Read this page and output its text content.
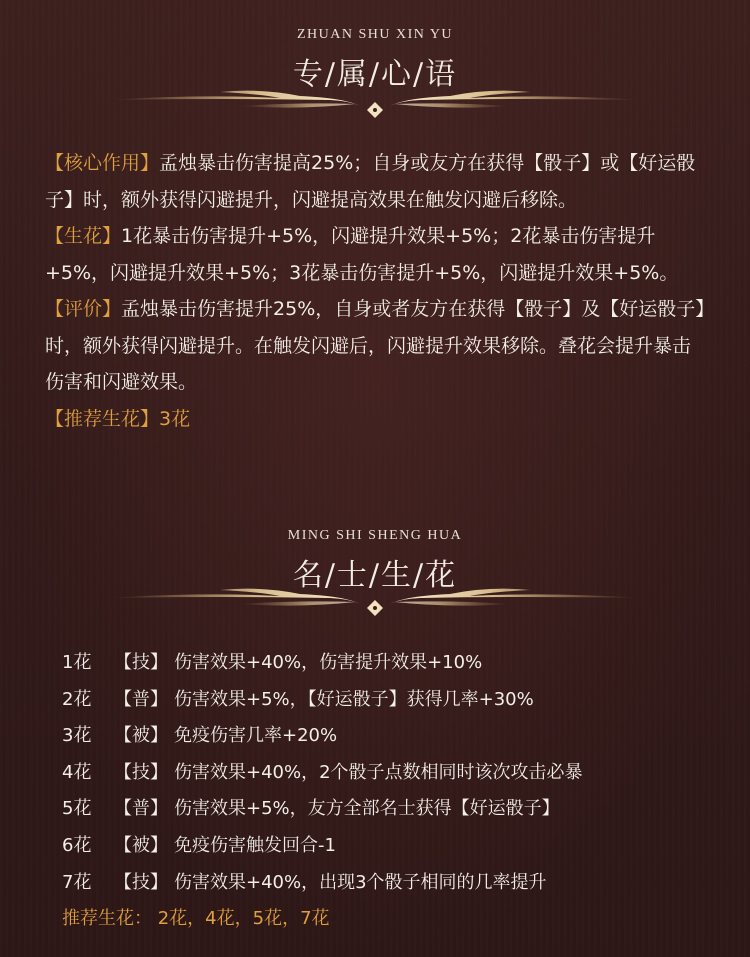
ZHUAN SHU XIN YU
专/属/心/语

【核心作用】孟烛暴击伤害提高25%；自身或友方在获得【骰子】或【好运骰子】时，额外获得闪避提升，闪避提高效果在触发闪避后移除。

【生花】1花暴击伤害提升+5%，闪避提升效果+5%；2花暴击伤害提升+5%，闪避提升效果+5%；3花暴击伤害提升+5%，闪避提升效果+5%。

【评价】孟烛暴击伤害提升25%，自身或者友方在获得【骰子】及【好运骰子】时，额外获得闪避提升。在触发闪避后，闪避提升效果移除。叠花会提升暴击伤害和闪避效果。

【推荐生花】3花

MING SHI SHENG HUA
名/士/生/花
1花 【技】 伤害效果+40%，伤害提升效果+10%
2花 【普】 伤害效果+5%，【好运骰子】获得几率+30%
3花 【被】 免疫伤害几率+20%
4花 【技】 伤害效果+40%，2个骰子点数相同时该次攻击必暴
5花 【普】 伤害效果+5%，友方全部名士获得【好运骰子】
6花 【被】 免疫伤害触发回合-1
7花 【技】 伤害效果+40%，出现3个骰子相同的几率提升
推荐生花： 2花，4花，5花，7花
